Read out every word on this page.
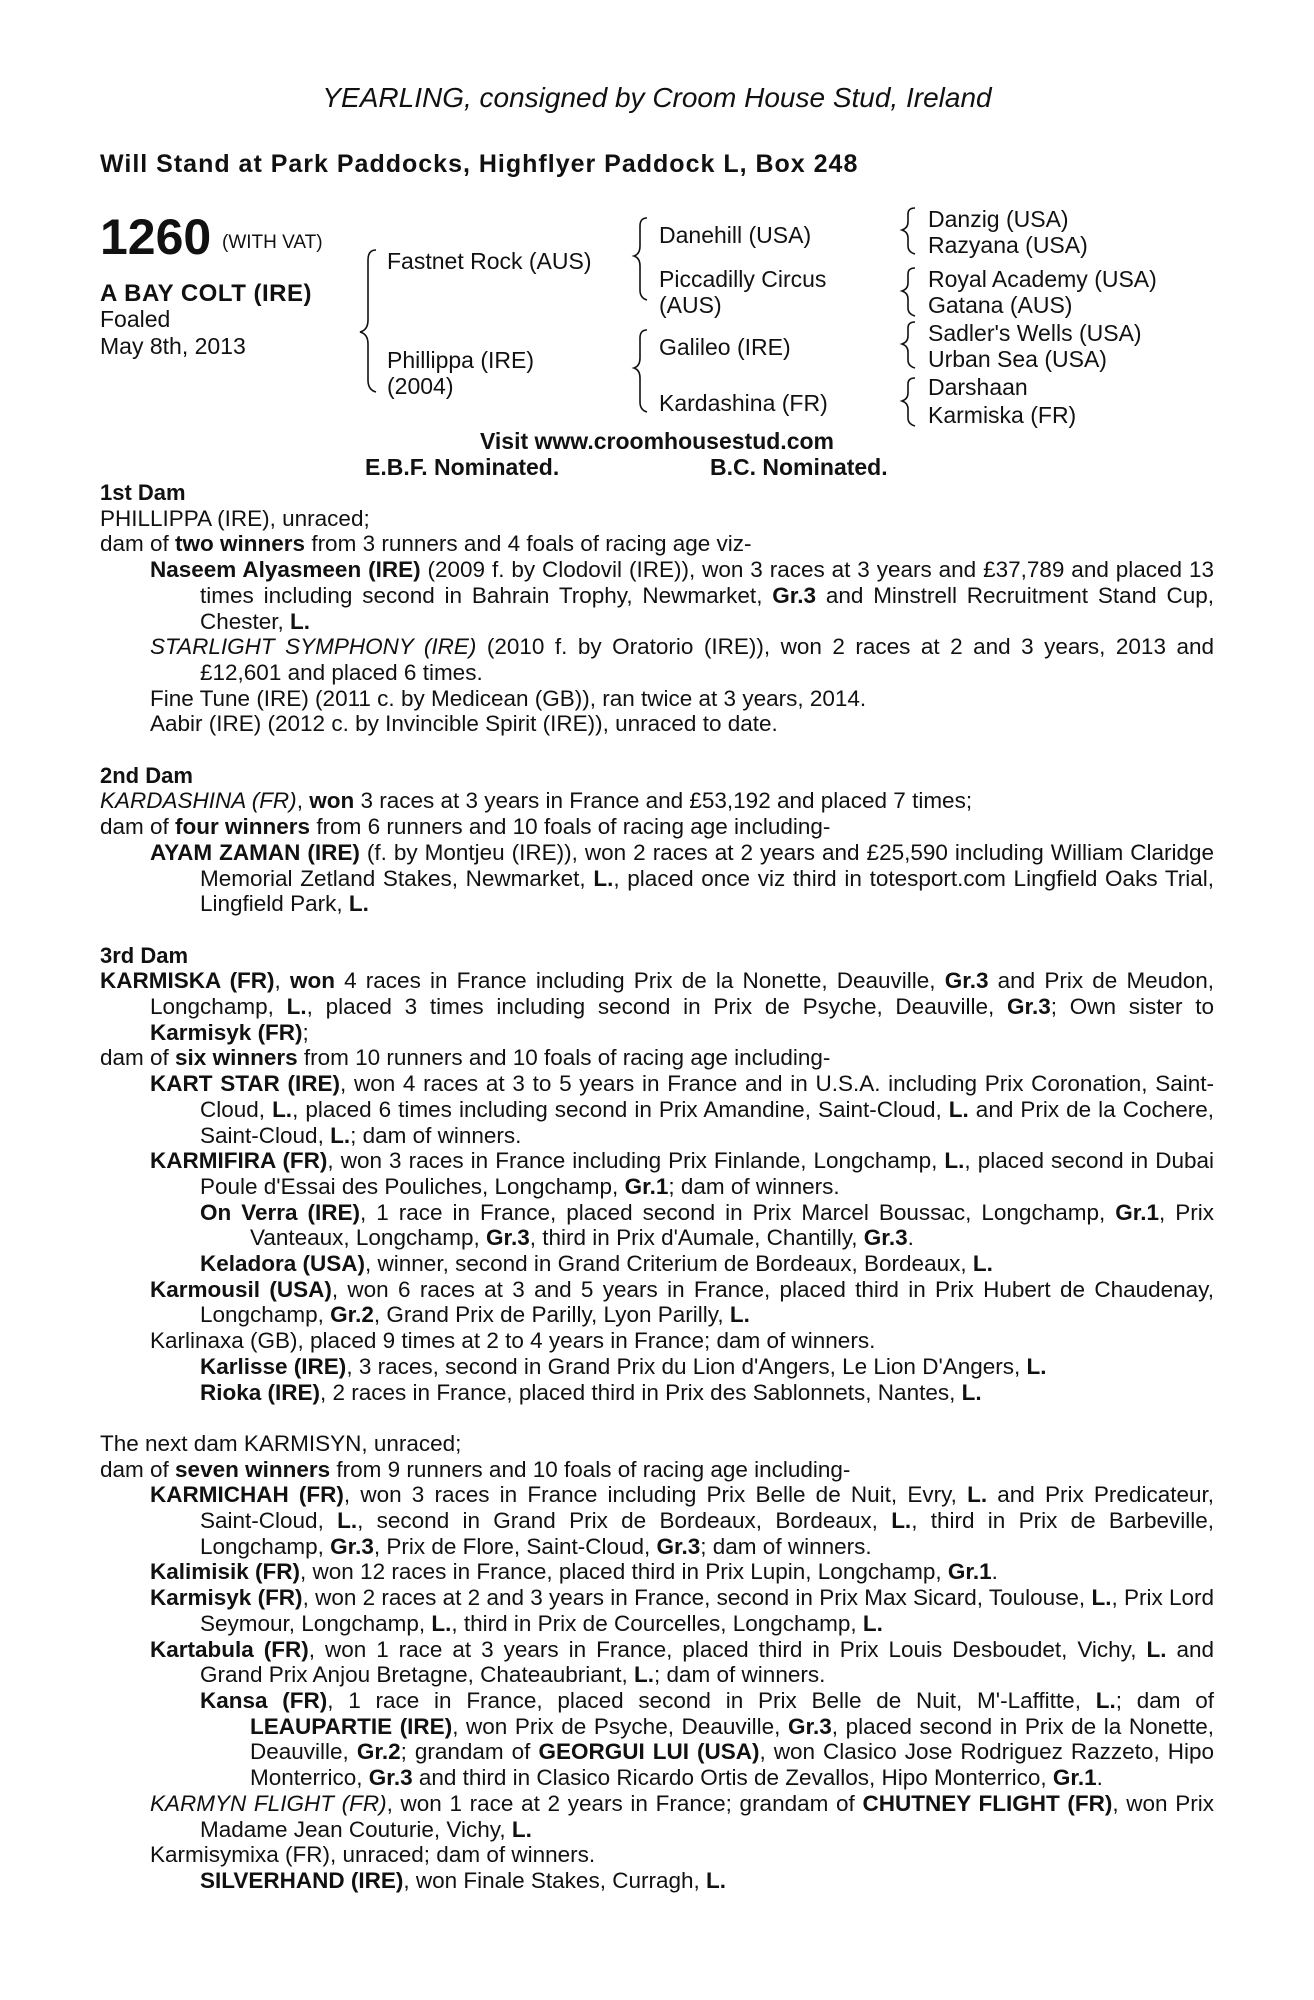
YEARLING, consigned by Croom House Stud, Ireland
Will Stand at Park Paddocks, Highflyer Paddock L, Box 248
1260 (WITH VAT)
A BAY COLT (IRE)
Foaled
May 8th, 2013
Fastnet Rock (AUS)
Phillippa (IRE)
(2004)
Danehill (USA)
Piccadilly Circus
(AUS)
Galileo (IRE)
Kardashina (FR)
Danzig (USA)
Razyana (USA)
Royal Academy (USA)
Gatana (AUS)
Sadler's Wells (USA)
Urban Sea (USA)
Darshaan
Karmiska (FR)
Visit www.croomhousestud.com
E.B.F. Nominated.	B.C. Nominated.

1st Dam

PHILLIPPA (IRE), unraced;

dam of two winners from 3 runners and 4 foals of racing age viz-

Naseem Alyasmeen (IRE) (2009 f. by Clodovil (IRE)), won 3 races at 3 years and £37,789 and placed 13 times including second in Bahrain Trophy, Newmarket, Gr.3 and Minstrell Recruitment Stand Cup, Chester, L.

STARLIGHT SYMPHONY (IRE) (2010 f. by Oratorio (IRE)), won 2 races at 2 and 3 years, 2013 and £12,601 and placed 6 times.

Fine Tune (IRE) (2011 c. by Medicean (GB)), ran twice at 3 years, 2014.

Aabir (IRE) (2012 c. by Invincible Spirit (IRE)), unraced to date.

2nd Dam

KARDASHINA (FR), won 3 races at 3 years in France and £53,192 and placed 7 times;

dam of four winners from 6 runners and 10 foals of racing age including-

AYAM ZAMAN (IRE) (f. by Montjeu (IRE)), won 2 races at 2 years and £25,590 including William Claridge Memorial Zetland Stakes, Newmarket, L., placed once viz third in totesport.com Lingfield Oaks Trial, Lingfield Park, L.

3rd Dam

KARMISKA (FR), won 4 races in France including Prix de la Nonette, Deauville, Gr.3 and Prix de Meudon, Longchamp, L., placed 3 times including second in Prix de Psyche, Deauville, Gr.3; Own sister to Karmisyk (FR);

dam of six winners from 10 runners and 10 foals of racing age including-

KART STAR (IRE), won 4 races at 3 to 5 years in France and in U.S.A. including Prix Coronation, Saint-Cloud, L., placed 6 times including second in Prix Amandine, Saint-Cloud, L. and Prix de la Cochere, Saint-Cloud, L.; dam of winners.

KARMIFIRA (FR), won 3 races in France including Prix Finlande, Longchamp, L., placed second in Dubai Poule d'Essai des Pouliches, Longchamp, Gr.1; dam of winners.

On Verra (IRE), 1 race in France, placed second in Prix Marcel Boussac, Longchamp, Gr.1, Prix Vanteaux, Longchamp, Gr.3, third in Prix d'Aumale, Chantilly, Gr.3.

Keladora (USA), winner, second in Grand Criterium de Bordeaux, Bordeaux, L.

Karmousil (USA), won 6 races at 3 and 5 years in France, placed third in Prix Hubert de Chaudenay, Longchamp, Gr.2, Grand Prix de Parilly, Lyon Parilly, L.

Karlinaxa (GB), placed 9 times at 2 to 4 years in France; dam of winners.

Karlisse (IRE), 3 races, second in Grand Prix du Lion d'Angers, Le Lion D'Angers, L.

Rioka (IRE), 2 races in France, placed third in Prix des Sablonnets, Nantes, L.

The next dam KARMISYN, unraced;

dam of seven winners from 9 runners and 10 foals of racing age including-

KARMICHAH (FR), won 3 races in France including Prix Belle de Nuit, Evry, L. and Prix Predicateur, Saint-Cloud, L., second in Grand Prix de Bordeaux, Bordeaux, L., third in Prix de Barbeville, Longchamp, Gr.3, Prix de Flore, Saint-Cloud, Gr.3; dam of winners.

Kalimisik (FR), won 12 races in France, placed third in Prix Lupin, Longchamp, Gr.1.

Karmisyk (FR), won 2 races at 2 and 3 years in France, second in Prix Max Sicard, Toulouse, L., Prix Lord Seymour, Longchamp, L., third in Prix de Courcelles, Longchamp, L.

Kartabula (FR), won 1 race at 3 years in France, placed third in Prix Louis Desboudet, Vichy, L. and Grand Prix Anjou Bretagne, Chateaubriant, L.; dam of winners.

Kansa (FR), 1 race in France, placed second in Prix Belle de Nuit, M'-Laffitte, L.; dam of LEAUPARTIE (IRE), won Prix de Psyche, Deauville, Gr.3, placed second in Prix de la Nonette, Deauville, Gr.2; grandam of GEORGUI LUI (USA), won Clasico Jose Rodriguez Razzeto, Hipo Monterrico, Gr.3 and third in Clasico Ricardo Ortis de Zevallos, Hipo Monterrico, Gr.1.

KARMYN FLIGHT (FR), won 1 race at 2 years in France; grandam of CHUTNEY FLIGHT (FR), won Prix Madame Jean Couturie, Vichy, L.

Karmisymixa (FR), unraced; dam of winners.

SILVERHAND (IRE), won Finale Stakes, Curragh, L.
